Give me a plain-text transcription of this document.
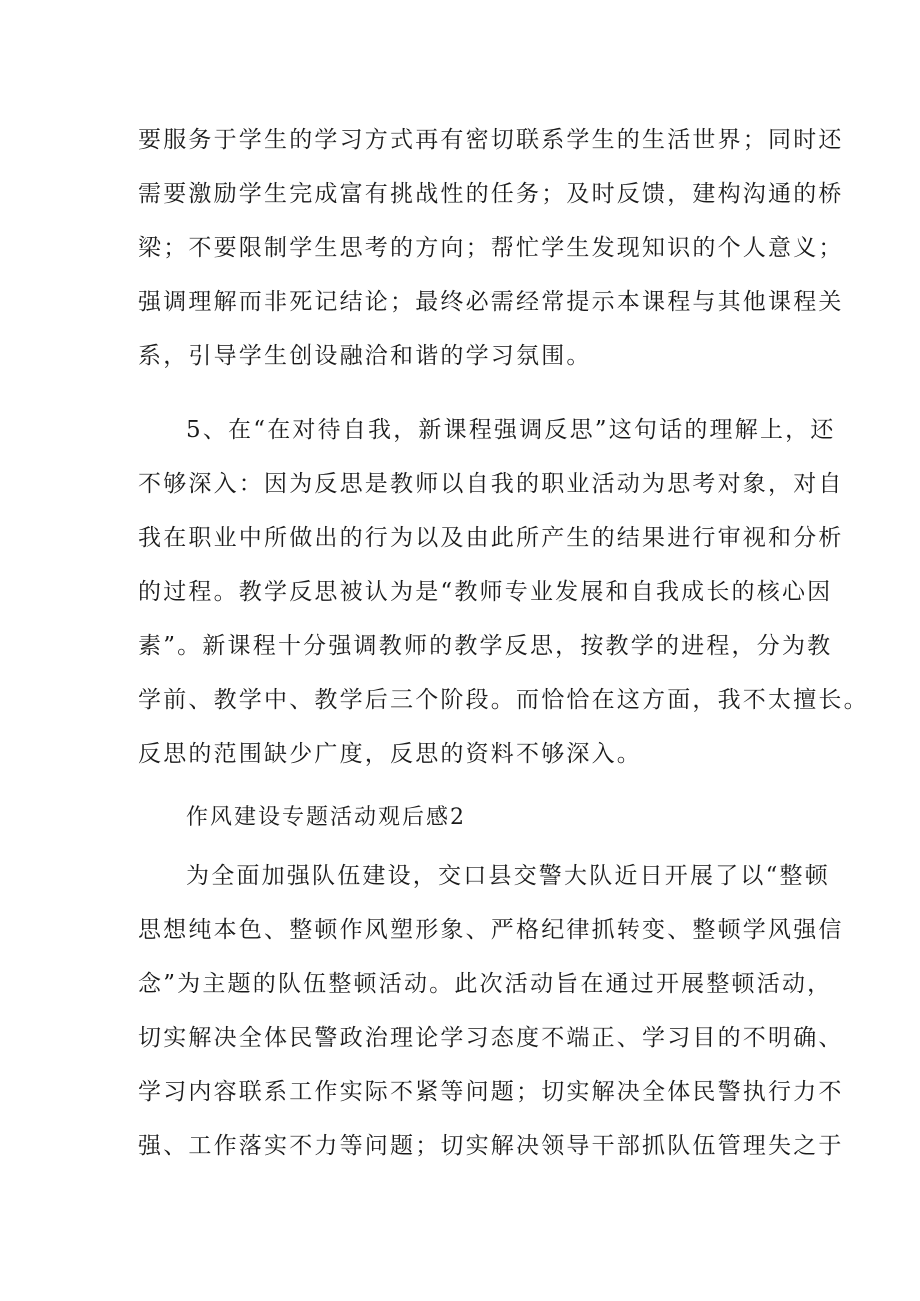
要服务于学生的学习方式再有密切联系学生的生活世界；同时还
需要激励学生完成富有挑战性的任务；及时反馈，建构沟通的桥
梁；不要限制学生思考的方向；帮忙学生发现知识的个人意义；
强调理解而非死记结论；最终必需经常提示本课程与其他课程关
系，引导学生创设融洽和谐的学习氛围。
5、在“在对待自我，新课程强调反思”这句话的理解上，还
不够深入：因为反思是教师以自我的职业活动为思考对象，对自
我在职业中所做出的行为以及由此所产生的结果进行审视和分析
的过程。教学反思被认为是“教师专业发展和自我成长的核心因
素”。新课程十分强调教师的教学反思，按教学的进程，分为教
学前、教学中、教学后三个阶段。而恰恰在这方面，我不太擅长。
反思的范围缺少广度，反思的资料不够深入。
作风建设专题活动观后感2
为全面加强队伍建设，交口县交警大队近日开展了以“整顿
思想纯本色、整顿作风塑形象、严格纪律抓转变、整顿学风强信
念”为主题的队伍整顿活动。此次活动旨在通过开展整顿活动，
切实解决全体民警政治理论学习态度不端正、学习目的不明确、
学习内容联系工作实际不紧等问题；切实解决全体民警执行力不
强、工作落实不力等问题；切实解决领导干部抓队伍管理失之于
